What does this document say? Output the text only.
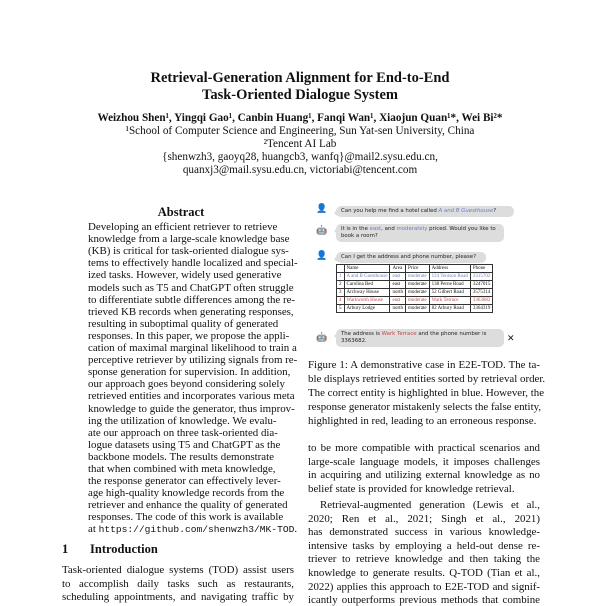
Retrieval-Generation Alignment for End-to-End
Task-Oriented Dialogue System
Weizhou Shen¹, Yingqi Gao¹, Canbin Huang¹, Fanqi Wan¹, Xiaojun Quan¹*, Wei Bi²*
¹School of Computer Science and Engineering, Sun Yat-sen University, China
²Tencent AI Lab
{shenwzh3, gaoyq28, huangcb3, wanfq}@mail2.sysu.edu.cn,
quanxj3@mail.sysu.edu.cn, victoriabi@tencent.com
Abstract
Developing an efficient retriever to retrieve
knowledge from a large-scale knowledge base
(KB) is critical for task-oriented dialogue sys-
tems to effectively handle localized and special-
ized tasks. However, widely used generative
models such as T5 and ChatGPT often struggle
to differentiate subtle differences among the re-
trieved KB records when generating responses,
resulting in suboptimal quality of generated
responses. In this paper, we propose the appli-
cation of maximal marginal likelihood to train a
perceptive retriever by utilizing signals from re-
sponse generation for supervision. In addition,
our approach goes beyond considering solely
retrieved entities and incorporates various meta
knowledge to guide the generator, thus improv-
ing the utilization of knowledge. We evalu-
ate our approach on three task-oriented dia-
logue datasets using T5 and ChatGPT as the
backbone models. The results demonstrate
that when combined with meta knowledge,
the response generator can effectively lever-
age high-quality knowledge records from the
retriever and enhance the quality of generated
responses. The code of this work is available
at https://github.com/shenwzh3/MK-TOD.
1 Introduction
Task-oriented dialogue systems (TOD) assist users
to accomplish daily tasks such as restaurants,
scheduling appointments, and navigating traffic by
👤	Can you help me find a hotel called A and B Guesthouse?
🤖	It is in the east, and moderately priced. Would you like to book a room?
👤	Can I get the address and phone number, please?
	Name	Area	Price	Address	Phone
1	A and B Guesthouse	east	moderate	124 Tenison Road	3315702
2	Carolina Bed	east	moderate	138 Perne Road	3247015
3	Archway House	north	moderate	52 Gilbert Road	3575314
4	Warkworth House	east	moderate	Wark Terrace	3363682
5	Arbury Lodge	north	moderate	82 Arbury Road	3364319
🤖	The address is Wark Terrace and the phone number is 3363682.	✕
Figure 1: A demonstrative case in E2E-TOD. The ta-
ble displays retrieved entities sorted by retrieval order.
The correct entity is highlighted in blue. However, the
response generator mistakenly selects the false entity,
highlighted in red, leading to an erroneous response.
to be more compatible with practical scenarios and
large-scale language models, it imposes challenges
in acquiring and utilizing external knowledge as no
belief state is provided for knowledge retrieval.
Retrieval-augmented generation (Lewis et al.,
2020; Ren et al., 2021; Singh et al., 2021)
has demonstrated success in various knowledge-
intensive tasks by employing a held-out dense re-
triever to retrieve knowledge and then taking the
knowledge to generate results. Q-TOD (Tian et al.,
2022) applies this approach to E2E-TOD and signif-
icantly outperforms previous methods that combine
